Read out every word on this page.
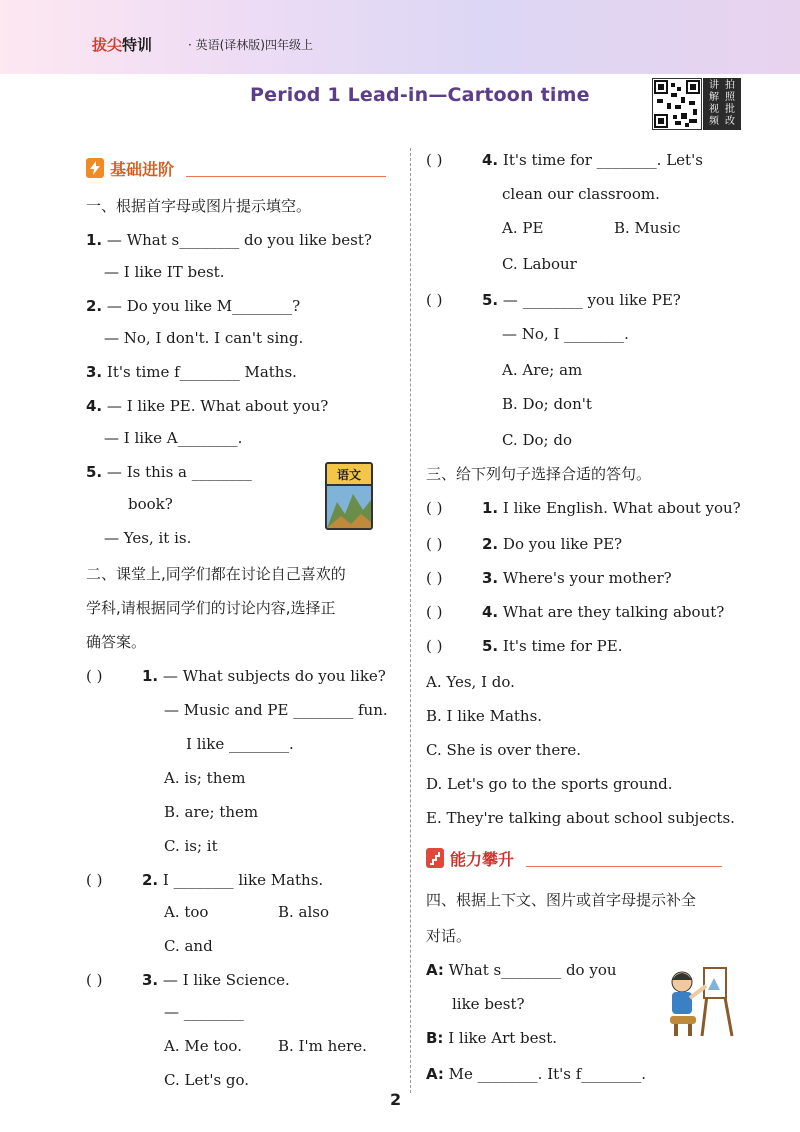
拔尖特训	· 英语(译林版)四年级上
Period 1 Lead-in—Cartoon time	讲 拍
解 照
视 批
频 改
基础进阶
一、根据首字母或图片提示填空。
1. — What s________ do you like best?
— I like IT best.
2. — Do you like M________?
— No, I don't. I can't sing.
3. It's time f________ Maths.
4. — I like PE. What about you?
— I like A________.
5. — Is this a ________
book?
— Yes, it is.
语文
二、课堂上,同学们都在讨论自己喜欢的
学科,请根据同学们的讨论内容,选择正
确答案。
( )	1. — What subjects do you like?
— Music and PE ________ fun.
I like ________.
A. is; them
B. are; them
C. is; it
( )	2. I ________ like Maths.
A. too	B. also
C. and
( )	3. — I like Science.
— ________
A. Me too. B. I'm here.
C. Let's go.
( )	4. It's time for ________. Let's
clean our classroom.
A. PE	B. Music
C. Labour
( )	5. — ________ you like PE?
— No, I ________.
A. Are; am
B. Do; don't
C. Do; do
三、给下列句子选择合适的答句。
( )	1. I like English. What about you?
( )	2. Do you like PE?
( )	3. Where's your mother?
( )	4. What are they talking about?
( )	5. It's time for PE.
A. Yes, I do.
B. I like Maths.
C. She is over there.
D. Let's go to the sports ground.
E. They're talking about school subjects.
能力攀升
四、根据上下文、图片或首字母提示补全
对话。
A: What s________ do you
like best?
B: I like Art best.
A: Me ________. It's f________.
2
